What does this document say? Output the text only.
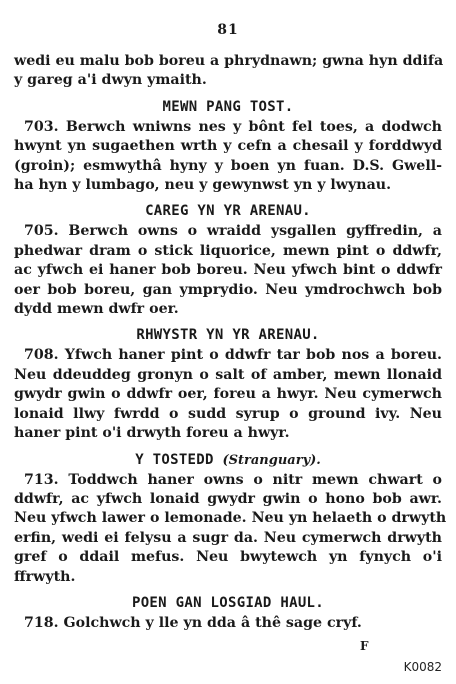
81
wedi eu malu bob boreu a phrydnawn; gwna hyn ddifa
y gareg a'i dwyn ymaith.
MEWN PANG TOST.
703. Berwch wniwns nes y bônt fel toes, a dodwch
hwynt yn sugaethen wrth y cefn a chesail y forddwyd
(groin); esmwythâ hyny y boen yn fuan. D.S. Gwell-
ha hyn y lumbago, neu y gewynwst yn y lwynau.
CAREG YN YR ARENAU.
705. Berwch owns o wraidd ysgallen gyffredin, a
phedwar dram o stick liquorice, mewn pint o ddwfr,
ac yfwch ei haner bob boreu. Neu yfwch bint o ddwfr
oer bob boreu, gan ymprydio. Neu ymdrochwch bob
dydd mewn dwfr oer.
RHWYSTR YN YR ARENAU.
708. Yfwch haner pint o ddwfr tar bob nos a boreu.
Neu ddeuddeg gronyn o salt of amber, mewn llonaid
gwydr gwin o ddwfr oer, foreu a hwyr. Neu cymerwch
lonaid llwy fwrdd o sudd syrup o ground ivy. Neu
haner pint o'i drwyth foreu a hwyr.
Y TOSTEDD (Stranguary).
713. Toddwch haner owns o nitr mewn chwart o
ddwfr, ac yfwch lonaid gwydr gwin o hono bob awr.
Neu yfwch lawer o lemonade. Neu yn helaeth o drwyth
erfin, wedi ei felysu a sugr da. Neu cymerwch drwyth
gref o ddail mefus. Neu bwytewch yn fynych o'i
ffrwyth.
POEN GAN LOSGIAD HAUL.
718. Golchwch y lle yn dda â thê sage cryf.
F
K0082
